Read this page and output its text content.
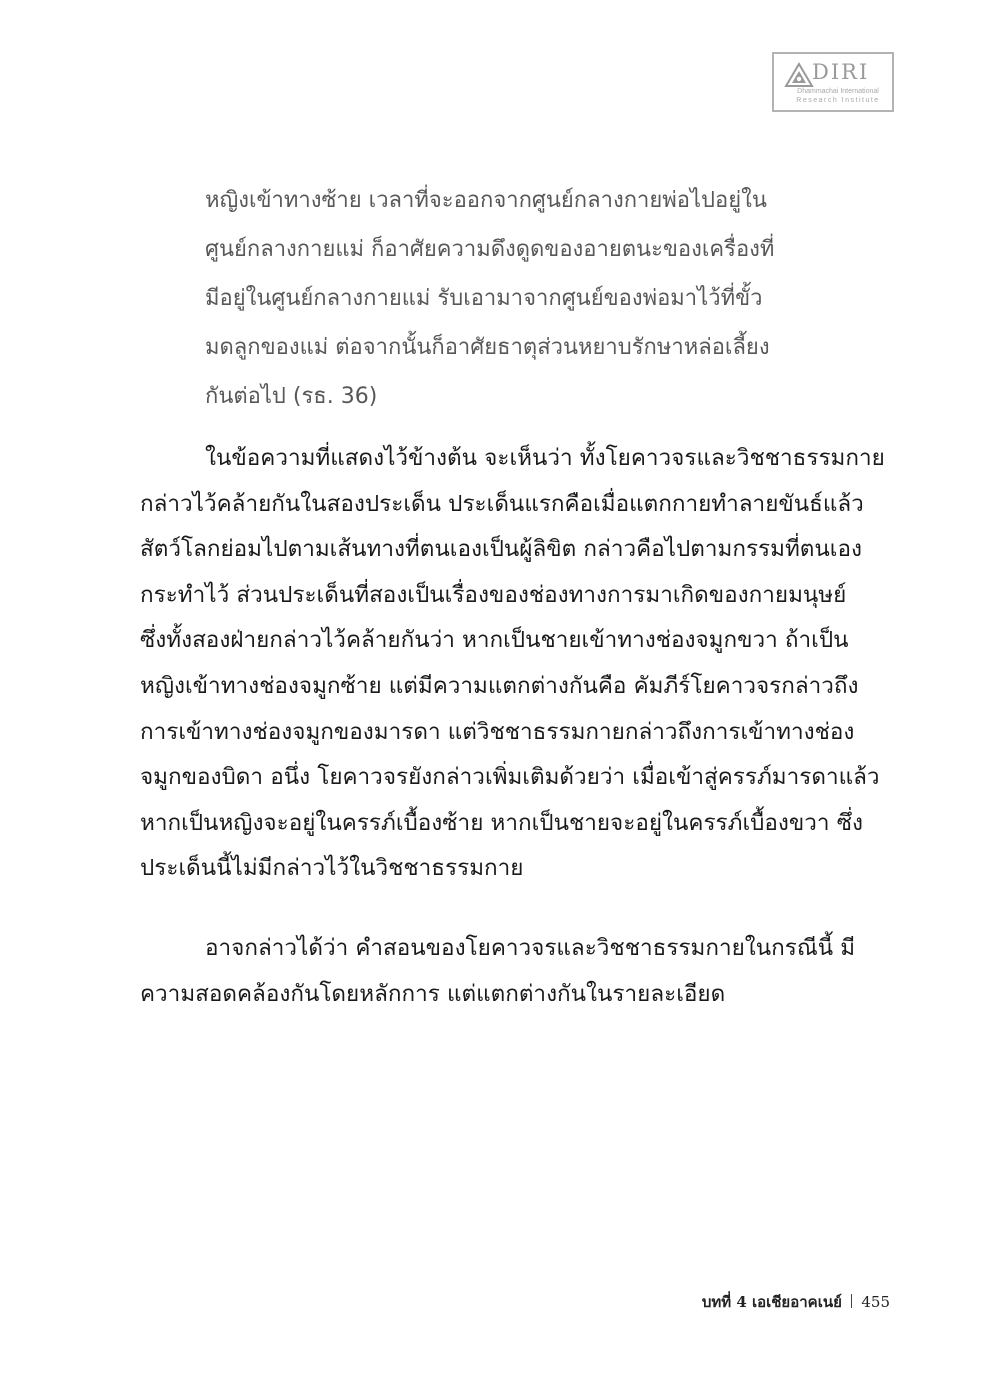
DIRI
Dhammachai International
Research Institute
หญิงเข้าทางซ้าย เวลาที่จะออกจากศูนย์กลางกายพ่อไปอยู่ใน
ศูนย์กลางกายแม่ ก็อาศัยความดึงดูดของอายตนะของเครื่องที่
มีอยู่ในศูนย์กลางกายแม่ รับเอามาจากศูนย์ของพ่อมาไว้ที่ขั้ว
มดลูกของแม่ ต่อจากนั้นก็อาศัยธาตุส่วนหยาบรักษาหล่อเลี้ยง
กันต่อไป (รธ. 36)
ในข้อความที่แสดงไว้ข้างต้น จะเห็นว่า ทั้งโยคาวจรและวิชชาธรรมกาย
กล่าวไว้คล้ายกันในสองประเด็น ประเด็นแรกคือเมื่อแตกกายทำลายขันธ์แล้ว
สัตว์โลกย่อมไปตามเส้นทางที่ตนเองเป็นผู้ลิขิต กล่าวคือไปตามกรรมที่ตนเอง
กระทำไว้ ส่วนประเด็นที่สองเป็นเรื่องของช่องทางการมาเกิดของกายมนุษย์
ซึ่งทั้งสองฝ่ายกล่าวไว้คล้ายกันว่า หากเป็นชายเข้าทางช่องจมูกขวา ถ้าเป็น
หญิงเข้าทางช่องจมูกซ้าย แต่มีความแตกต่างกันคือ คัมภีร์โยคาวจรกล่าวถึง
การเข้าทางช่องจมูกของมารดา แต่วิชชาธรรมกายกล่าวถึงการเข้าทางช่อง
จมูกของบิดา อนึ่ง โยคาวจรยังกล่าวเพิ่มเติมด้วยว่า เมื่อเข้าสู่ครรภ์มารดาแล้ว
หากเป็นหญิงจะอยู่ในครรภ์เบื้องซ้าย หากเป็นชายจะอยู่ในครรภ์เบื้องขวา ซึ่ง
ประเด็นนี้ไม่มีกล่าวไว้ในวิชชาธรรมกาย
อาจกล่าวได้ว่า คำสอนของโยคาวจรและวิชชาธรรมกายในกรณีนี้ มี
ความสอดคล้องกันโดยหลักการ แต่แตกต่างกันในรายละเอียด
บทที่ 4 เอเชียอาคเนย์ 455
